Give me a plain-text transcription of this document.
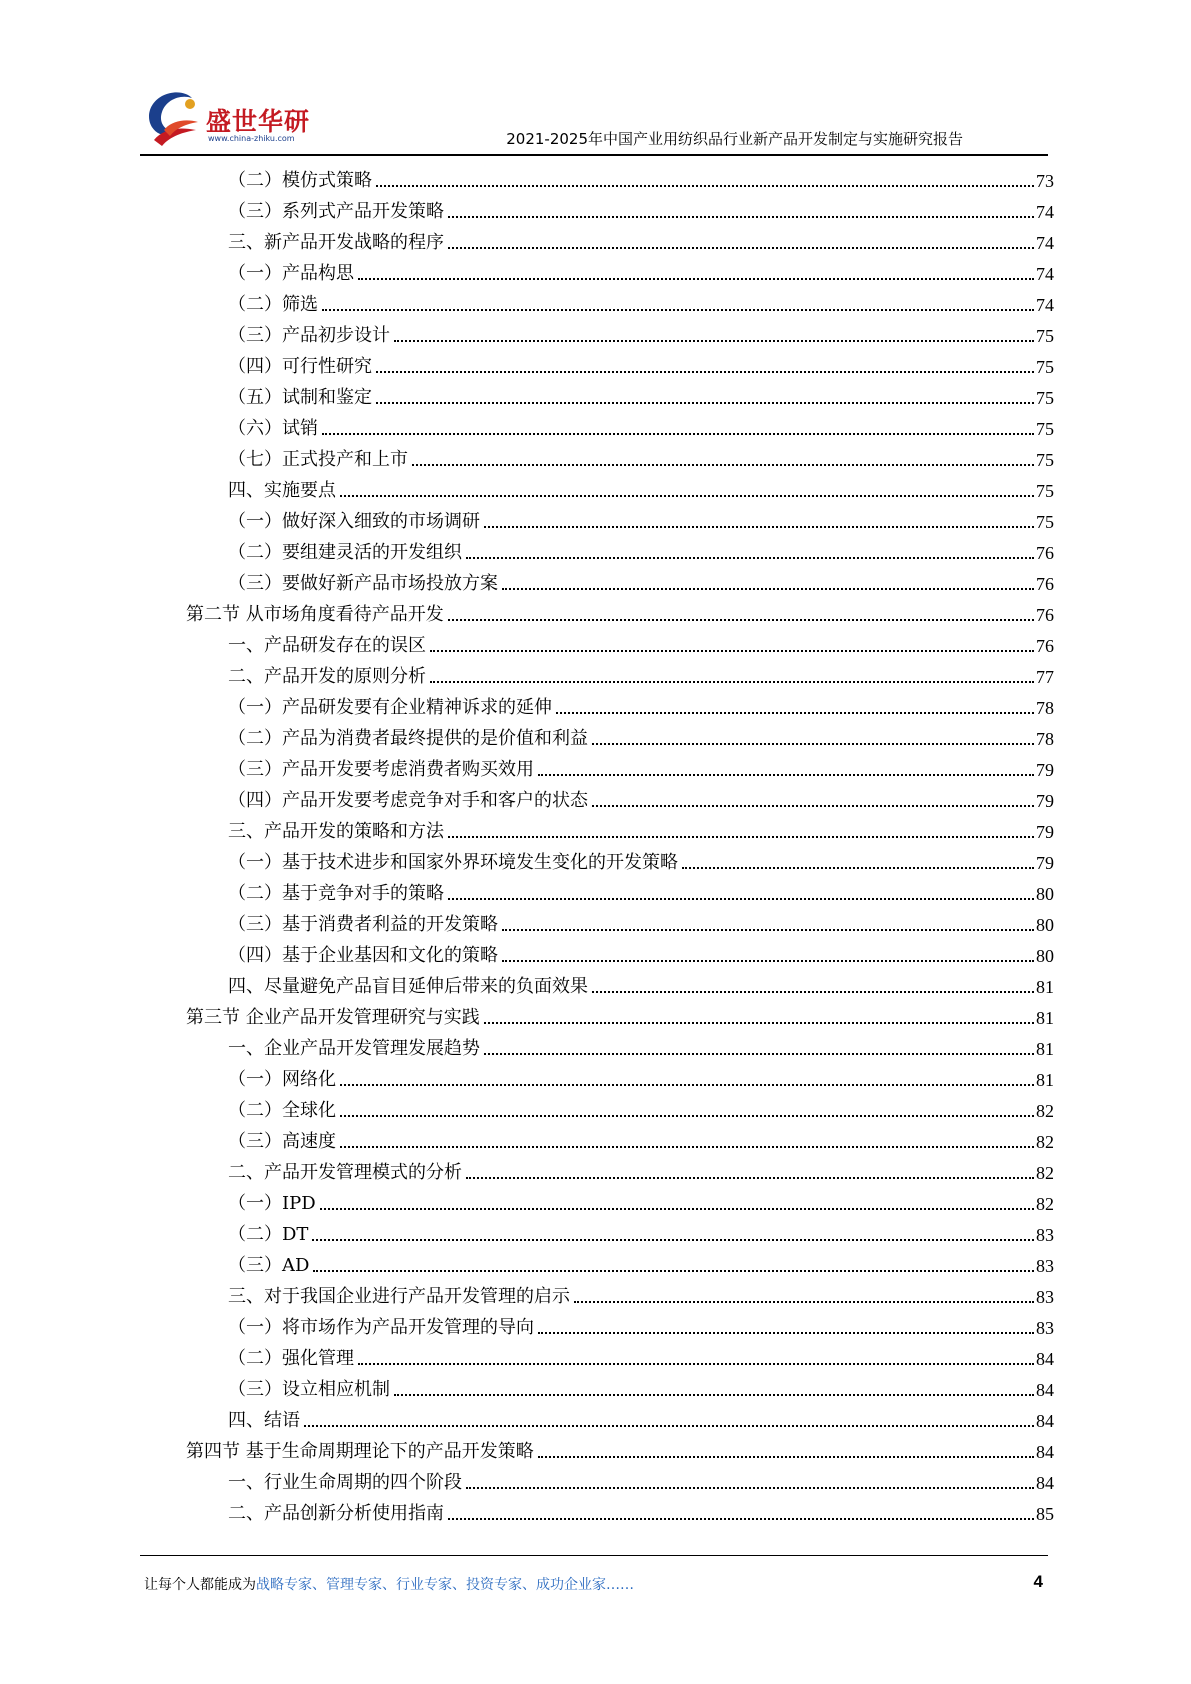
盛世华研
www.china-zhiku.com	2021-2025年中国产业用纺织品行业新产品开发制定与实施研究报告
（二）模仿式策略	73
（三）系列式产品开发策略	74
三、新产品开发战略的程序	74
（一）产品构思	74
（二）筛选	74
（三）产品初步设计	75
（四）可行性研究	75
（五）试制和鉴定	75
（六）试销	75
（七）正式投产和上市	75
四、实施要点	75
（一）做好深入细致的市场调研	75
（二）要组建灵活的开发组织	76
（三）要做好新产品市场投放方案	76
第二节 从市场角度看待产品开发	76
一、产品研发存在的误区	76
二、产品开发的原则分析	77
（一）产品研发要有企业精神诉求的延伸	78
（二）产品为消费者最终提供的是价值和利益	78
（三）产品开发要考虑消费者购买效用	79
（四）产品开发要考虑竞争对手和客户的状态	79
三、产品开发的策略和方法	79
（一）基于技术进步和国家外界环境发生变化的开发策略	79
（二）基于竞争对手的策略	80
（三）基于消费者利益的开发策略	80
（四）基于企业基因和文化的策略	80
四、尽量避免产品盲目延伸后带来的负面效果	81
第三节 企业产品开发管理研究与实践	81
一、企业产品开发管理发展趋势	81
（一）网络化	81
（二）全球化	82
（三）高速度	82
二、产品开发管理模式的分析	82
（一）IPD	82
（二）DT	83
（三）AD	83
三、对于我国企业进行产品开发管理的启示	83
（一）将市场作为产品开发管理的导向	83
（二）强化管理	84
（三）设立相应机制	84
四、结语	84
第四节 基于生命周期理论下的产品开发策略	84
一、行业生命周期的四个阶段	84
二、产品创新分析使用指南	85
让每个人都能成为战略专家、管理专家、行业专家、投资专家、成功企业家……	4
